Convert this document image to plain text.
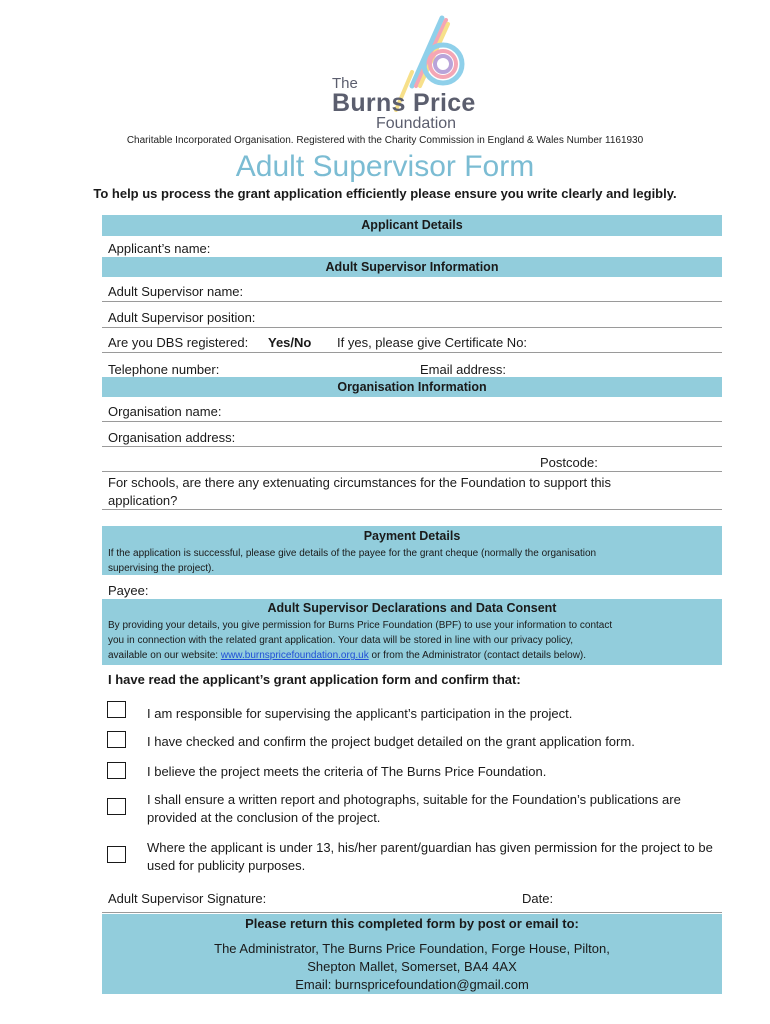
The
Burns Price
Foundation
Charitable Incorporated Organisation. Registered with the Charity Commission in England & Wales Number 1161930
Adult Supervisor Form
To help us process the grant application efficiently please ensure you write clearly and legibly.
Applicant Details
Applicant’s name:
Adult Supervisor Information
Adult Supervisor name:
Adult Supervisor position:
Are you DBS registered: Yes/No If yes, please give Certificate No:
Telephone number:	Email address:
Organisation Information
Organisation name:
Organisation address:
Postcode:
For schools, are there any extenuating circumstances for the Foundation to support this
application?
Payment Details
If the application is successful, please give details of the payee for the grant cheque (normally the organisation
supervising the project).
Payee:
Adult Supervisor Declarations and Data Consent
By providing your details, you give permission for Burns Price Foundation (BPF) to use your information to contact
you in connection with the related grant application. Your data will be stored in line with our privacy policy,
available on our website: www.burnspricefoundation.org.uk or from the Administrator (contact details below).
I have read the applicant’s grant application form and confirm that:
I am responsible for supervising the applicant’s participation in the project.
I have checked and confirm the project budget detailed on the grant application form.
I believe the project meets the criteria of The Burns Price Foundation.
I shall ensure a written report and photographs, suitable for the Foundation’s publications are provided at the conclusion of the project.
Where the applicant is under 13, his/her parent/guardian has given permission for the project to be used for publicity purposes.
Adult Supervisor Signature:	Date:
Please return this completed form by post or email to:
The Administrator, The Burns Price Foundation, Forge House, Pilton,
Shepton Mallet, Somerset, BA4 4AX
Email: burnspricefoundation@gmail.com
